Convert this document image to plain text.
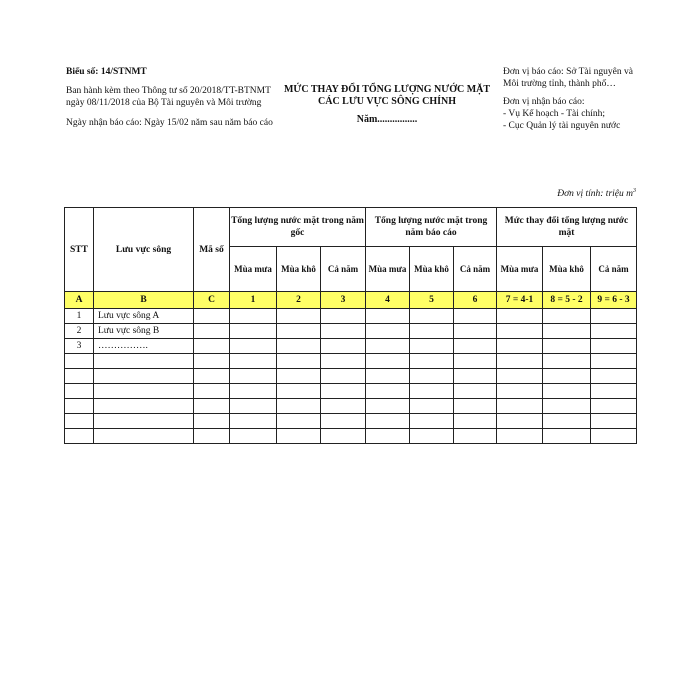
Biểu số: 14/STNMT

Ban hành kèm theo Thông tư số 20/2018/TT-BTNMT ngày 08/11/2018 của Bộ Tài nguyên và Môi trường

Ngày nhận báo cáo: Ngày 15/02 năm sau năm báo cáo

MỨC THAY ĐỔI TỔNG LƯỢNG NƯỚC MẶT CÁC LƯU VỰC SÔNG CHÍNH
Năm................

Đơn vị báo cáo: Sở Tài nguyên và Môi trường tỉnh, thành phố…

Đơn vị nhận báo cáo:
- Vụ Kế hoạch - Tài chính;
- Cục Quản lý tài nguyên nước

Đơn vị tính: triệu $m^3$
STT	Lưu vực sông	Mã số	Tổng lượng nước mặt trong năm gốc			Tổng lượng nước mặt trong năm báo cáo			Mức thay đổi tổng lượng nước mặt		
			Mùa mưa	Mùa khô	Cả năm	Mùa mưa	Mùa khô	Cả năm	Mùa mưa	Mùa khô	Cả năm
A	B	C	1	2	3	4	5	6	7 = 4-1	8 = 5 - 2	9 = 6 - 3
1	Lưu vực sông A										
2	Lưu vực sông B										
3	…………….										
